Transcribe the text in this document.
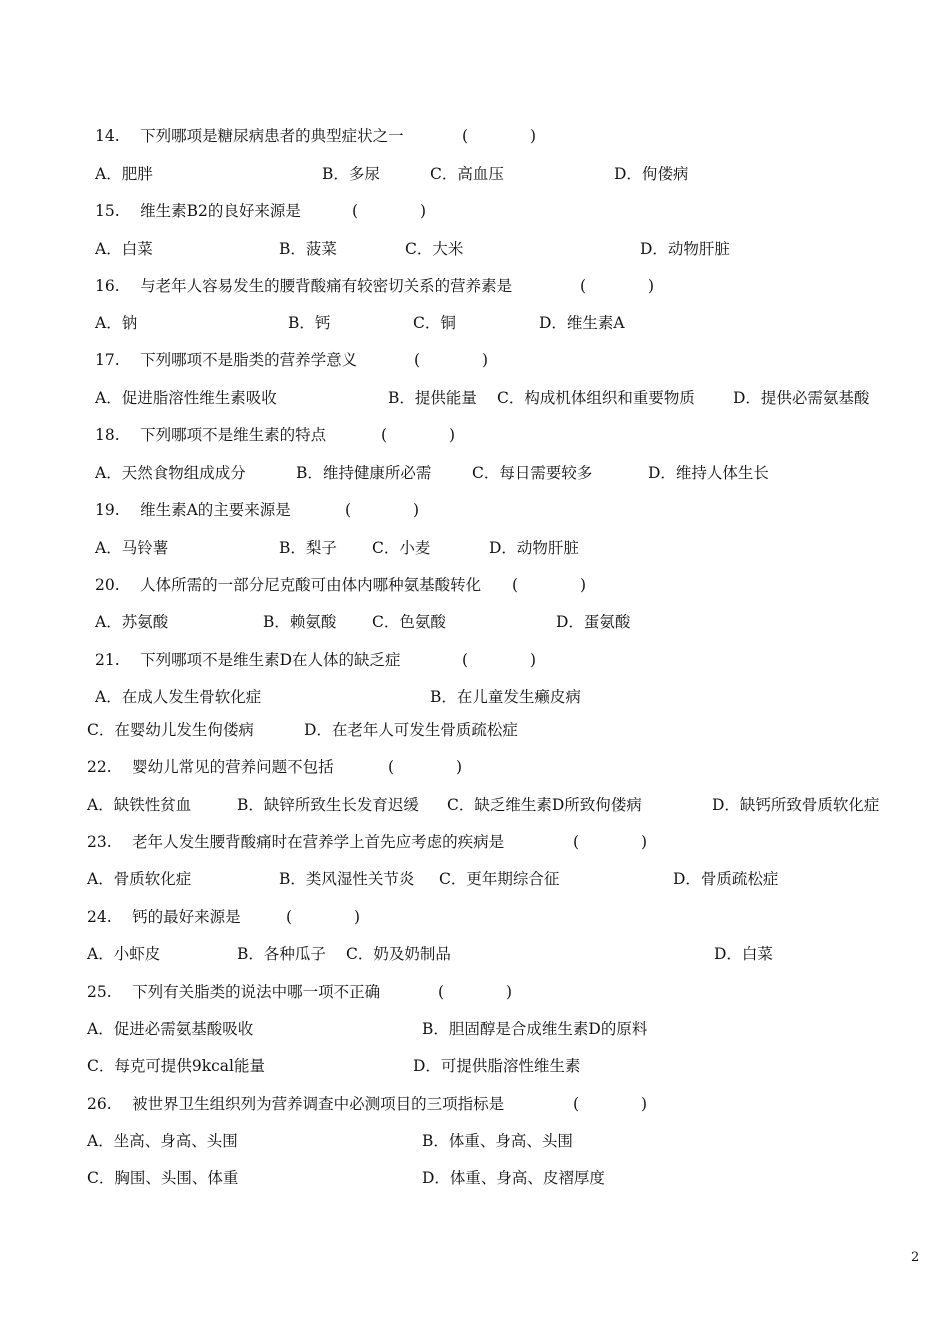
14.　 下列哪项是糖尿病患者的典型症状之一	(　　　　)
A．肥胖	B．多尿	C．高血压	D．佝偻病
15.　 维生素B2的良好来源是	(　　　　)
A．白菜	B．菠菜	C．大米	D．动物肝脏
16.　 与老年人容易发生的腰背酸痛有较密切关系的营养素是	(　　　　)
A．钠	B．钙	C．铜	D．维生素A
17.　 下列哪项不是脂类的营养学意义	(　　　　)
A．促进脂溶性维生素吸收	B．提供能量 C．构成机体组织和重要物质 D．提供必需氨基酸
18.　 下列哪项不是维生素的特点	(　　　　)
A．天然食物组成成分	B．维持健康所必需	C．每日需要较多	D．维持人体生长
19.　 维生素A的主要来源是	(　　　　)
A．马铃薯	B．梨子 C．小麦	D．动物肝脏
20.　 人体所需的一部分尼克酸可由体内哪种氨基酸转化 (　　　　)
A．苏氨酸	B．赖氨酸 C．色氨酸	D．蛋氨酸
21.　 下列哪项不是维生素D在人体的缺乏症	(　　　　)
A．在成人发生骨软化症	B．在儿童发生癞皮病
C．在婴幼儿发生佝偻病	D．在老年人可发生骨质疏松症
22.　 婴幼儿常见的营养问题不包括	(　　　　)
A．缺铁性贫血	B．缺锌所致生长发育迟缓 C．缺乏维生素D所致佝偻病	D．缺钙所致骨质软化症
23.　 老年人发生腰背酸痛时在营养学上首先应考虑的疾病是	(　　　　)
A．骨质软化症	B．类风湿性关节炎 C．更年期综合征	D．骨质疏松症
24.　 钙的最好来源是	(　　　　)
A．小虾皮	B．各种瓜子 C．奶及奶制品	D．白菜
25.　 下列有关脂类的说法中哪一项不正确	(　　　　)
A．促进必需氨基酸吸收	B．胆固醇是合成维生素D的原料
C．每克可提供9kcal能量	D．可提供脂溶性维生素
26.　 被世界卫生组织列为营养调查中必测项目的三项指标是	(　　　　)
A．坐高、身高、头围	B．体重、身高、头围
C．胸围、头围、体重	D．体重、身高、皮褶厚度
2
